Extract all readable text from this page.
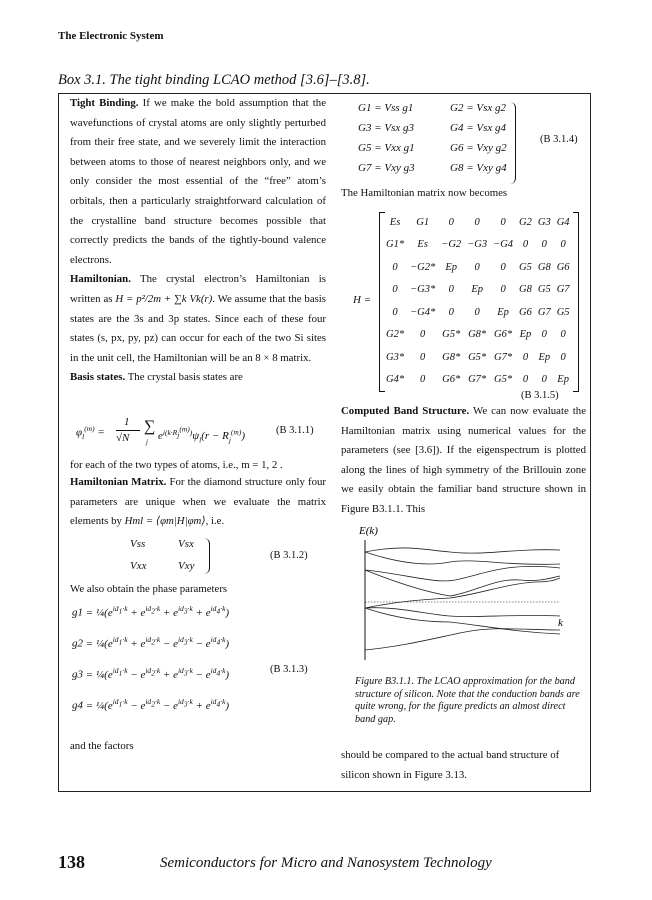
The Electronic System
Box 3.1. The tight binding LCAO method [3.6]–[3.8].

Tight Binding. If we make the bold assumption that the wavefunctions of crystal atoms are only slightly perturbed from their free state, and we severely limit the interaction between atoms to those of nearest neighbors only, and we only consider the most essential of the “free” atom’s orbitals, then a particularly straightforward calculation of the crystalline band structure becomes possible that correctly predicts the bands of the tightly-bound valence electrons.

Hamiltonian. The crystal electron’s Hamiltonian is written as H = p²/2m + ∑k Vk(r). We assume that the basis states are the 3s and 3p states. Since each of these four states (s, px, py, pz) can occur for each of the two Si sites in the unit cell, the Hamiltonian will be an 8 × 8 matrix.

Basis states. The crystal basis states are

$\varphi_l^{(m)}$ =
1
√N
∑
j $e^{i(k\cdot R_j^{(m)})}\psi_l(r - R_j^{(m)})$	(B 3.1.1)
for each of the two types of atoms, i.e., m = 1, 2 .
Hamiltonian Matrix. For the diamond structure only four parameters are unique when we evaluate the matrix elements by Hml = ⟨φm|H|φm⟩, i.e.
Vss	Vsx
Vxx	Vxy
(B 3.1.2)
We also obtain the phase parameters
$g1 = \frac{1}{4}(e^{id_1\cdot k} + e^{id_2\cdot k} + e^{id_3\cdot k} + e^{id_4\cdot k})$
$g2 = \frac{1}{4}(e^{id_1\cdot k} + e^{id_2\cdot k} - e^{id_3\cdot k} - e^{id_4\cdot k})$
$g3 = \frac{1}{4}(e^{id_1\cdot k} - e^{id_2\cdot k} + e^{id_3\cdot k} - e^{id_4\cdot k})$
$g4 = \frac{1}{4}(e^{id_1\cdot k} - e^{id_2\cdot k} - e^{id_3\cdot k} + e^{id_4\cdot k})$
(B 3.1.3)
and the factors
G1 = Vss g1	G2 = Vsx g2
G3 = Vsx g3	G4 = Vsx g4
G5 = Vxx g1	G6 = Vxy g2
G7 = Vxy g3	G8 = Vxy g4
(B 3.1.4)
The Hamiltonian matrix now becomes
H =
Es	G1	0	0	0	G2	G3	G4
G1*	Es	−G2	−G3	−G4	0	0	0
0	−G2*	Ep	0	0	G5	G8	G6
0	−G3*	0	Ep	0	G8	G5	G7
0	−G4*	0	0	Ep	G6	G7	G5
G2*	0	G5*	G8*	G6*	Ep	0	0
G3*	0	G8*	G5*	G7*	0	Ep	0
G4*	0	G6*	G7*	G5*	0	0	Ep
(B 3.1.5)
Computed Band Structure. We can now evaluate the Hamiltonian matrix using numerical values for the parameters (see [3.6]). If the eigenspectrum is plotted along the lines of high symmetry of the Brillouin zone we easily obtain the familiar band structure shown in Figure B3.1.1. This
E(k)
k
Figure B3.1.1. The LCAO approximation for the band structure of silicon. Note that the conduction bands are quite wrong, for the figure predicts an almost direct band gap.
should be compared to the actual band structure of silicon shown in Figure 3.13.
138	Semiconductors for Micro and Nanosystem Technology
